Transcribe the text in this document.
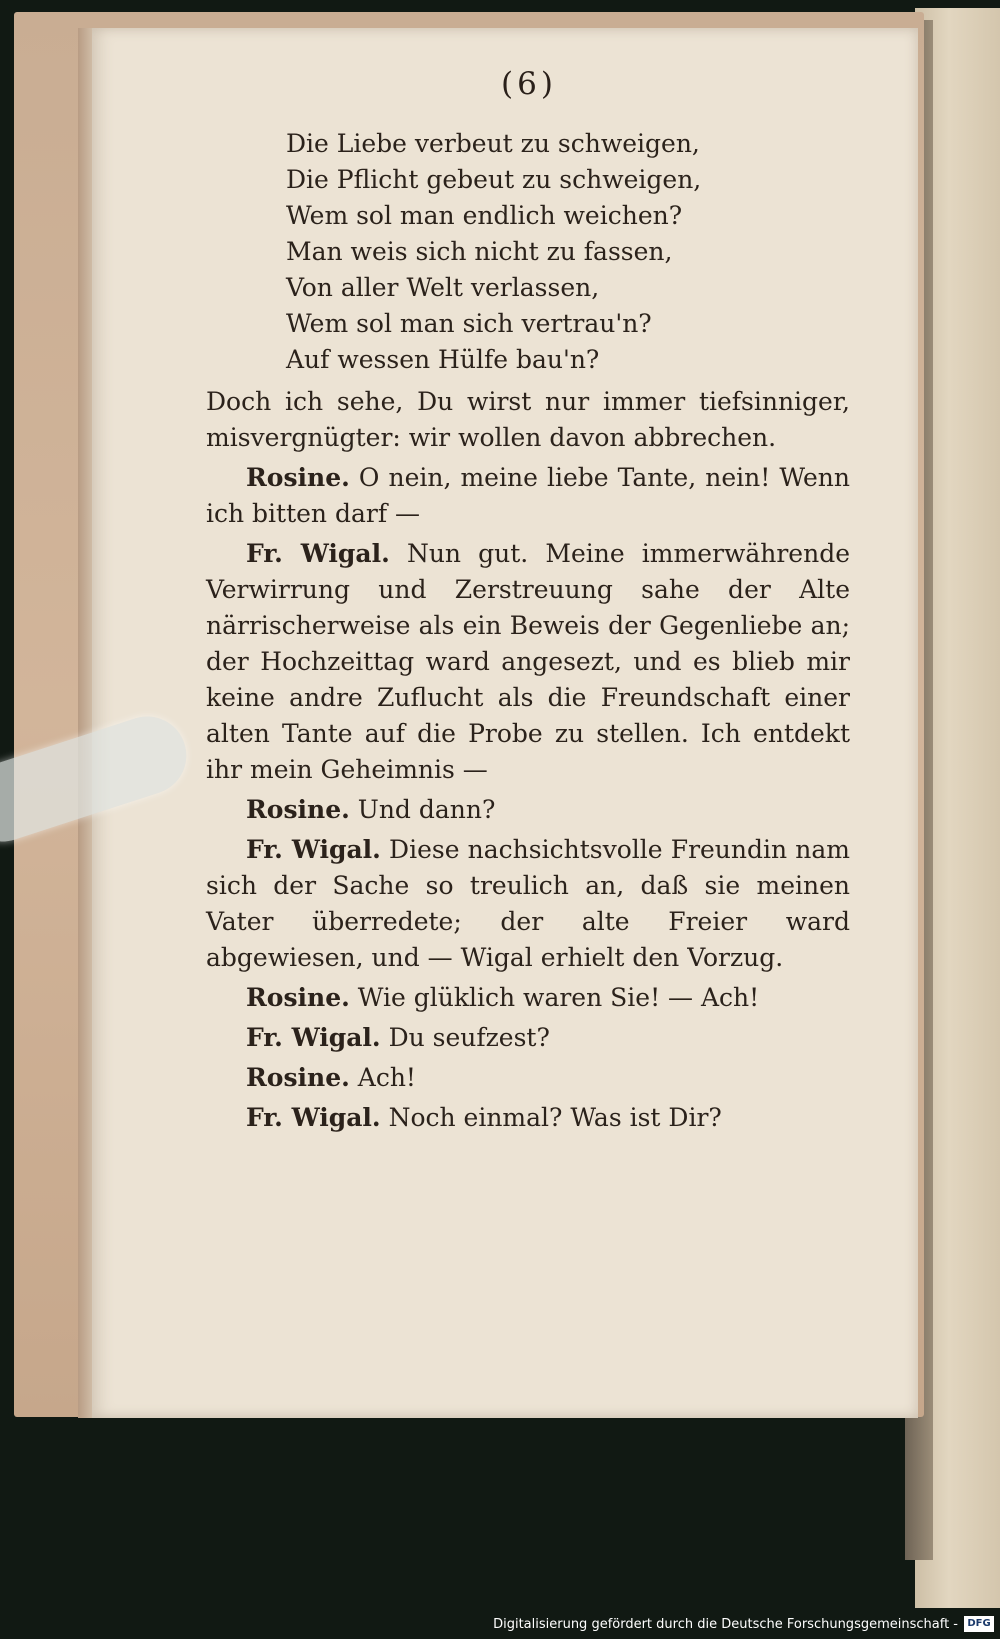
(6)
Die Liebe verbeut zu schweigen,
Die Pflicht gebeut zu schweigen,
Wem sol man endlich weichen?
Man weis sich nicht zu fassen,
Von aller Welt verlassen,
Wem sol man sich vertrau'n?
Auf wessen Hülfe bau'n?

Doch ich sehe, Du wirst nur immer tiefsinniger, misvergnügter: wir wollen davon abbrechen.

Rosine. O nein, meine liebe Tante, nein! Wenn ich bitten darf —

Fr. Wigal. Nun gut. Meine immerwährende Verwirrung und Zerstreuung sahe der Alte närrischerweise als ein Beweis der Gegenliebe an; der Hochzeittag ward angesezt, und es blieb mir keine andre Zuflucht als die Freundschaft einer alten Tante auf die Probe zu stellen. Ich entdekt ihr mein Geheimnis —

Rosine. Und dann?

Fr. Wigal. Diese nachsichtsvolle Freundin nam sich der Sache so treulich an, daß sie meinen Vater überredete; der alte Freier ward abgewiesen, und — Wigal erhielt den Vorzug.

Rosine. Wie glüklich waren Sie! — Ach!

Fr. Wigal. Du seufzest?

Rosine. Ach!

Fr. Wigal. Noch einmal? Was ist Dir?

Digitalisierung gefördert durch die Deutsche Forschungsgemeinschaft - DFG
